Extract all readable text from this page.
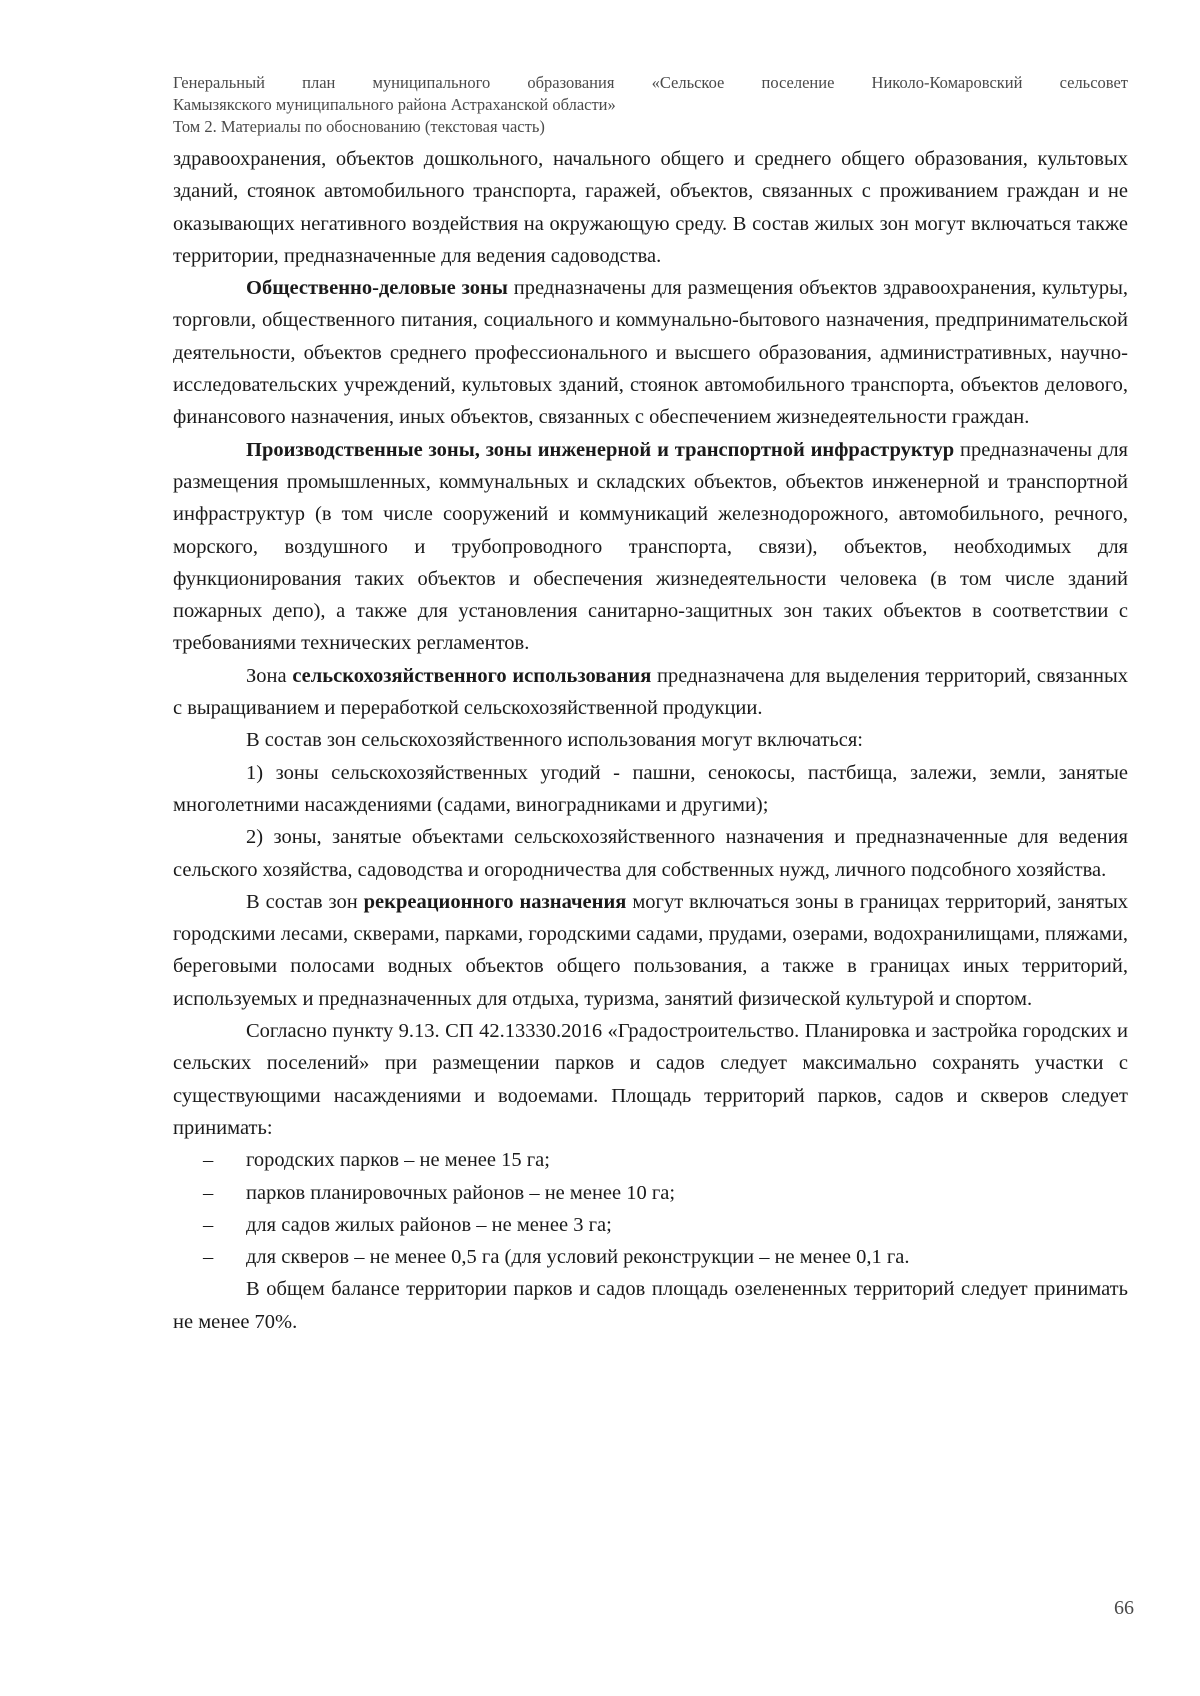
Генеральный план муниципального образования «Сельское поселение Николо-Комаровский сельсовет
Камызякского муниципального района Астраханской области»
Том 2. Материалы по обоснованию (текстовая часть)

здравоохранения, объектов дошкольного, начального общего и среднего общего образования, культовых зданий, стоянок автомобильного транспорта, гаражей, объектов, связанных с проживанием граждан и не оказывающих негативного воздействия на окружающую среду. В состав жилых зон могут включаться также территории, предназначенные для ведения садоводства.

Общественно-деловые зоны предназначены для размещения объектов здравоохранения, культуры, торговли, общественного питания, социального и коммунально-бытового назначения, предпринимательской деятельности, объектов среднего профессионального и высшего образования, административных, научно-исследовательских учреждений, культовых зданий, стоянок автомобильного транспорта, объектов делового, финансового назначения, иных объектов, связанных с обеспечением жизнедеятельности граждан.

Производственные зоны, зоны инженерной и транспортной инфраструктур предназначены для размещения промышленных, коммунальных и складских объектов, объектов инженерной и транспортной инфраструктур (в том числе сооружений и коммуникаций железнодорожного, автомобильного, речного, морского, воздушного и трубопроводного транспорта, связи), объектов, необходимых для функционирования таких объектов и обеспечения жизнедеятельности человека (в том числе зданий пожарных депо), а также для установления санитарно-защитных зон таких объектов в соответствии с требованиями технических регламентов.

Зона сельскохозяйственного использования предназначена для выделения территорий, связанных с выращиванием и переработкой сельскохозяйственной продукции.

В состав зон сельскохозяйственного использования могут включаться:

1) зоны сельскохозяйственных угодий - пашни, сенокосы, пастбища, залежи, земли, занятые многолетними насаждениями (садами, виноградниками и другими);

2) зоны, занятые объектами сельскохозяйственного назначения и предназначенные для ведения сельского хозяйства, садоводства и огородничества для собственных нужд, личного подсобного хозяйства.

В состав зон рекреационного назначения могут включаться зоны в границах территорий, занятых городскими лесами, скверами, парками, городскими садами, прудами, озерами, водохранилищами, пляжами, береговыми полосами водных объектов общего пользования, а также в границах иных территорий, используемых и предназначенных для отдыха, туризма, занятий физической культурой и спортом.

Согласно пункту 9.13. СП 42.13330.2016 «Градостроительство. Планировка и застройка городских и сельских поселений» при размещении парков и садов следует максимально сохранять участки с существующими насаждениями и водоемами. Площадь территорий парков, садов и скверов следует принимать:

– городских парков – не менее 15 га;
– парков планировочных районов – не менее 10 га;
– для садов жилых районов – не менее 3 га;
– для скверов – не менее 0,5 га (для условий реконструкции – не менее 0,1 га.

В общем балансе территории парков и садов площадь озелененных территорий следует принимать не менее 70%.

66
